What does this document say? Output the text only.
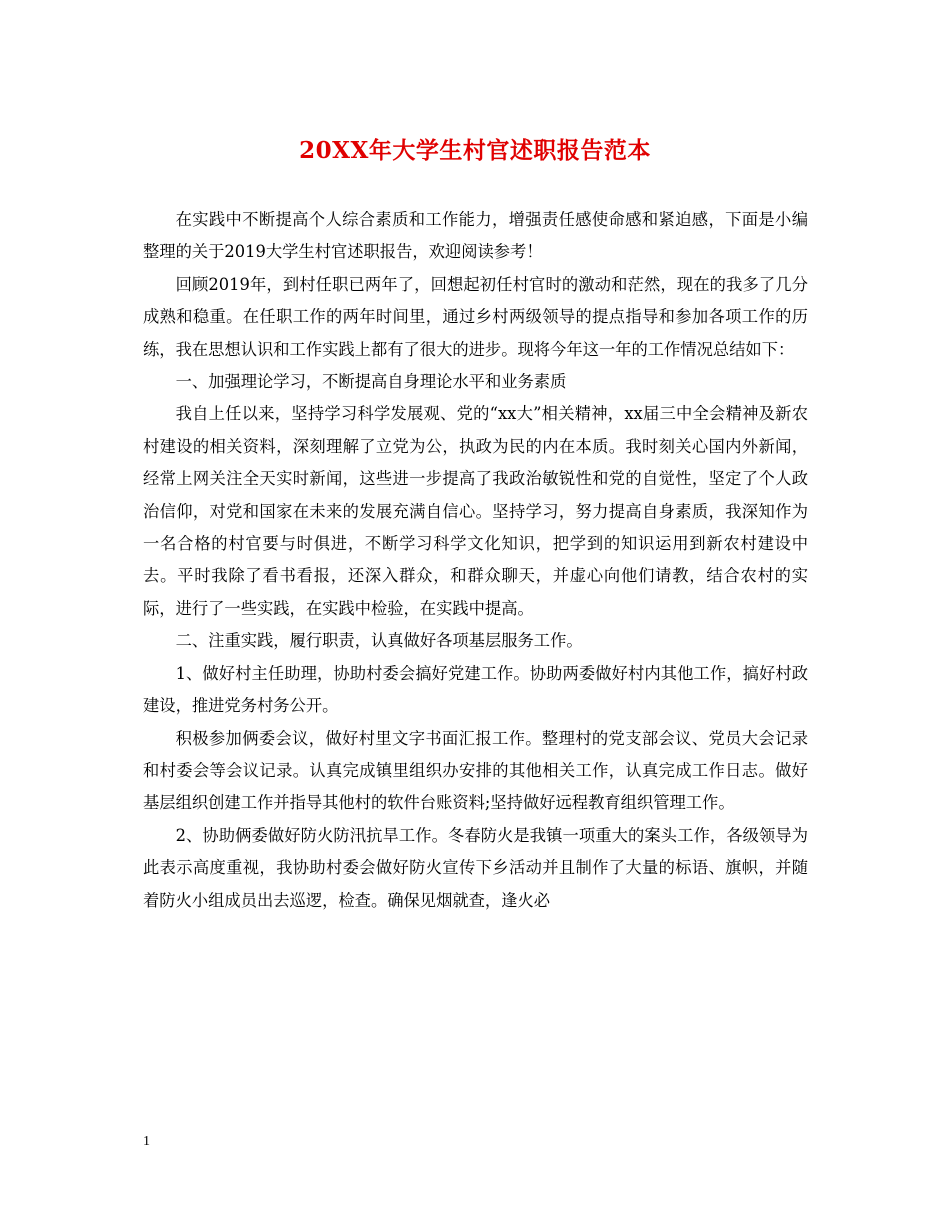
20XX年大学生村官述职报告范本

在实践中不断提高个人综合素质和工作能力，增强责任感使命感和紧迫感，下面是小编整理的关于2019大学生村官述职报告，欢迎阅读参考！

回顾2019年，到村任职已两年了，回想起初任村官时的激动和茫然，现在的我多了几分成熟和稳重。在任职工作的两年时间里，通过乡村两级领导的提点指导和参加各项工作的历练，我在思想认识和工作实践上都有了很大的进步。现将今年这一年的工作情况总结如下：

一、加强理论学习，不断提高自身理论水平和业务素质

我自上任以来，坚持学习科学发展观、党的“xx大”相关精神，xx届三中全会精神及新农村建设的相关资料，深刻理解了立党为公，执政为民的内在本质。我时刻关心国内外新闻，经常上网关注全天实时新闻，这些进一步提高了我政治敏锐性和党的自觉性，坚定了个人政治信仰，对党和国家在未来的发展充满自信心。坚持学习，努力提高自身素质，我深知作为一名合格的村官要与时俱进，不断学习科学文化知识，把学到的知识运用到新农村建设中去。平时我除了看书看报，还深入群众，和群众聊天，并虚心向他们请教，结合农村的实际，进行了一些实践，在实践中检验，在实践中提高。

二、注重实践，履行职责，认真做好各项基层服务工作。

1、做好村主任助理，协助村委会搞好党建工作。协助两委做好村内其他工作，搞好村政建设，推进党务村务公开。

积极参加俩委会议，做好村里文字书面汇报工作。整理村的党支部会议、党员大会记录和村委会等会议记录。认真完成镇里组织办安排的其他相关工作，认真完成工作日志。做好基层组织创建工作并指导其他村的软件台账资料;坚持做好远程教育组织管理工作。

2、协助俩委做好防火防汛抗旱工作。冬春防火是我镇一项重大的案头工作，各级领导为此表示高度重视，我协助村委会做好防火宣传下乡活动并且制作了大量的标语、旗帜，并随着防火小组成员出去巡逻，检查。确保见烟就查，逢火必

1
